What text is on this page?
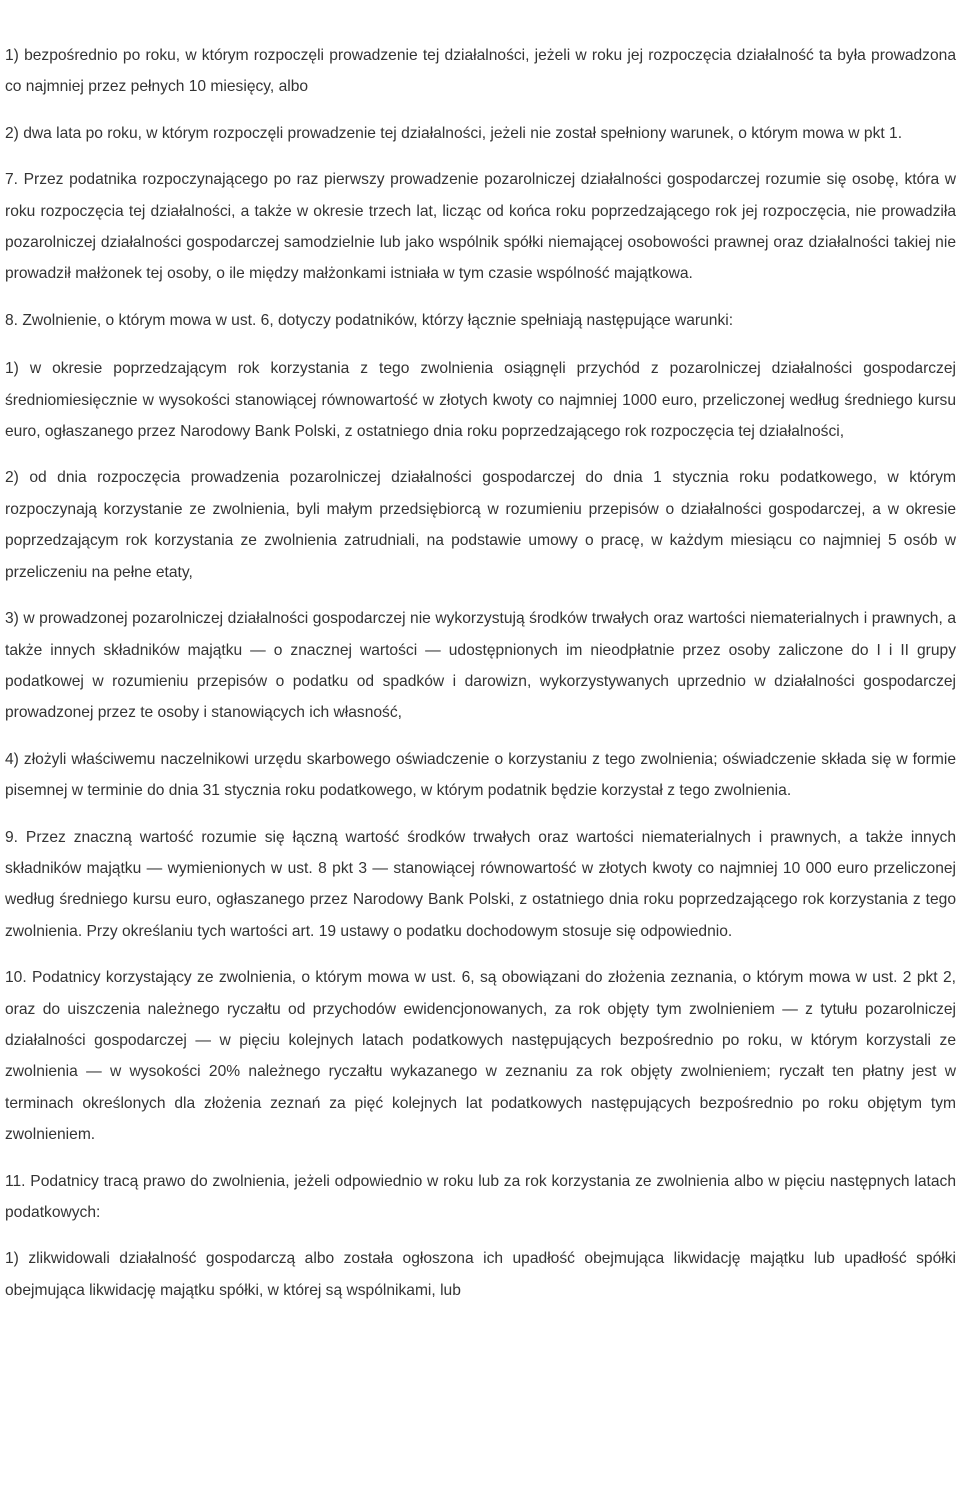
1) bezpośrednio po roku, w którym rozpoczęli prowadzenie tej działalności, jeżeli w roku jej rozpoczęcia działalność ta była prowadzona co najmniej przez pełnych 10 miesięcy, albo

2) dwa lata po roku, w którym rozpoczęli prowadzenie tej działalności, jeżeli nie został spełniony warunek, o którym mowa w pkt 1.

7. Przez podatnika rozpoczynającego po raz pierwszy prowadzenie pozarolniczej działalności gospodarczej rozumie się osobę, która w roku rozpoczęcia tej działalności, a także w okresie trzech lat, licząc od końca roku poprzedzającego rok jej rozpoczęcia, nie prowadziła pozarolniczej działalności gospodarczej samodzielnie lub jako wspólnik spółki niemającej osobowości prawnej oraz działalności takiej nie prowadził małżonek tej osoby, o ile między małżonkami istniała w tym czasie wspólność majątkowa.

8. Zwolnienie, o którym mowa w ust. 6, dotyczy podatników, którzy łącznie spełniają następujące warunki:

1) w okresie poprzedzającym rok korzystania z tego zwolnienia osiągnęli przychód z pozarolniczej działalności gospodarczej średniomiesięcznie w wysokości stanowiącej równowartość w złotych kwoty co najmniej 1000 euro, przeliczonej według średniego kursu euro, ogłaszanego przez Narodowy Bank Polski, z ostatniego dnia roku poprzedzającego rok rozpoczęcia tej działalności,

2) od dnia rozpoczęcia prowadzenia pozarolniczej działalności gospodarczej do dnia 1 stycznia roku podatkowego, w którym rozpoczynają korzystanie ze zwolnienia, byli małym przedsiębiorcą w rozumieniu przepisów o działalności gospodarczej, a w okresie poprzedzającym rok korzystania ze zwolnienia zatrudniali, na podstawie umowy o pracę, w każdym miesiącu co najmniej 5 osób w przeliczeniu na pełne etaty,

3) w prowadzonej pozarolniczej działalności gospodarczej nie wykorzystują środków trwałych oraz wartości niematerialnych i prawnych, a także innych składników majątku — o znacznej wartości — udostępnionych im nieodpłatnie przez osoby zaliczone do I i II grupy podatkowej w rozumieniu przepisów o podatku od spadków i darowizn, wykorzystywanych uprzednio w działalności gospodarczej prowadzonej przez te osoby i stanowiących ich własność,

4) złożyli właściwemu naczelnikowi urzędu skarbowego oświadczenie o korzystaniu z tego zwolnienia; oświadczenie składa się w formie pisemnej w terminie do dnia 31 stycznia roku podatkowego, w którym podatnik będzie korzystał z tego zwolnienia.

9. Przez znaczną wartość rozumie się łączną wartość środków trwałych oraz wartości niematerialnych i prawnych, a także innych składników majątku — wymienionych w ust. 8 pkt 3 — stanowiącej równowartość w złotych kwoty co najmniej 10 000 euro przeliczonej według średniego kursu euro, ogłaszanego przez Narodowy Bank Polski, z ostatniego dnia roku poprzedzającego rok korzystania z tego zwolnienia. Przy określaniu tych wartości art. 19 ustawy o podatku dochodowym stosuje się odpowiednio.

10. Podatnicy korzystający ze zwolnienia, o którym mowa w ust. 6, są obowiązani do złożenia zeznania, o którym mowa w ust. 2 pkt 2, oraz do uiszczenia należnego ryczałtu od przychodów ewidencjonowanych, za rok objęty tym zwolnieniem — z tytułu pozarolniczej działalności gospodarczej — w pięciu kolejnych latach podatkowych następujących bezpośrednio po roku, w którym korzystali ze zwolnienia — w wysokości 20% należnego ryczałtu wykazanego w zeznaniu za rok objęty zwolnieniem; ryczałt ten płatny jest w terminach określonych dla złożenia zeznań za pięć kolejnych lat podatkowych następujących bezpośrednio po roku objętym tym zwolnieniem.

11. Podatnicy tracą prawo do zwolnienia, jeżeli odpowiednio w roku lub za rok korzystania ze zwolnienia albo w pięciu następnych latach podatkowych:

1) zlikwidowali działalność gospodarczą albo została ogłoszona ich upadłość obejmująca likwidację majątku lub upadłość spółki obejmująca likwidację majątku spółki, w której są wspólnikami, lub
